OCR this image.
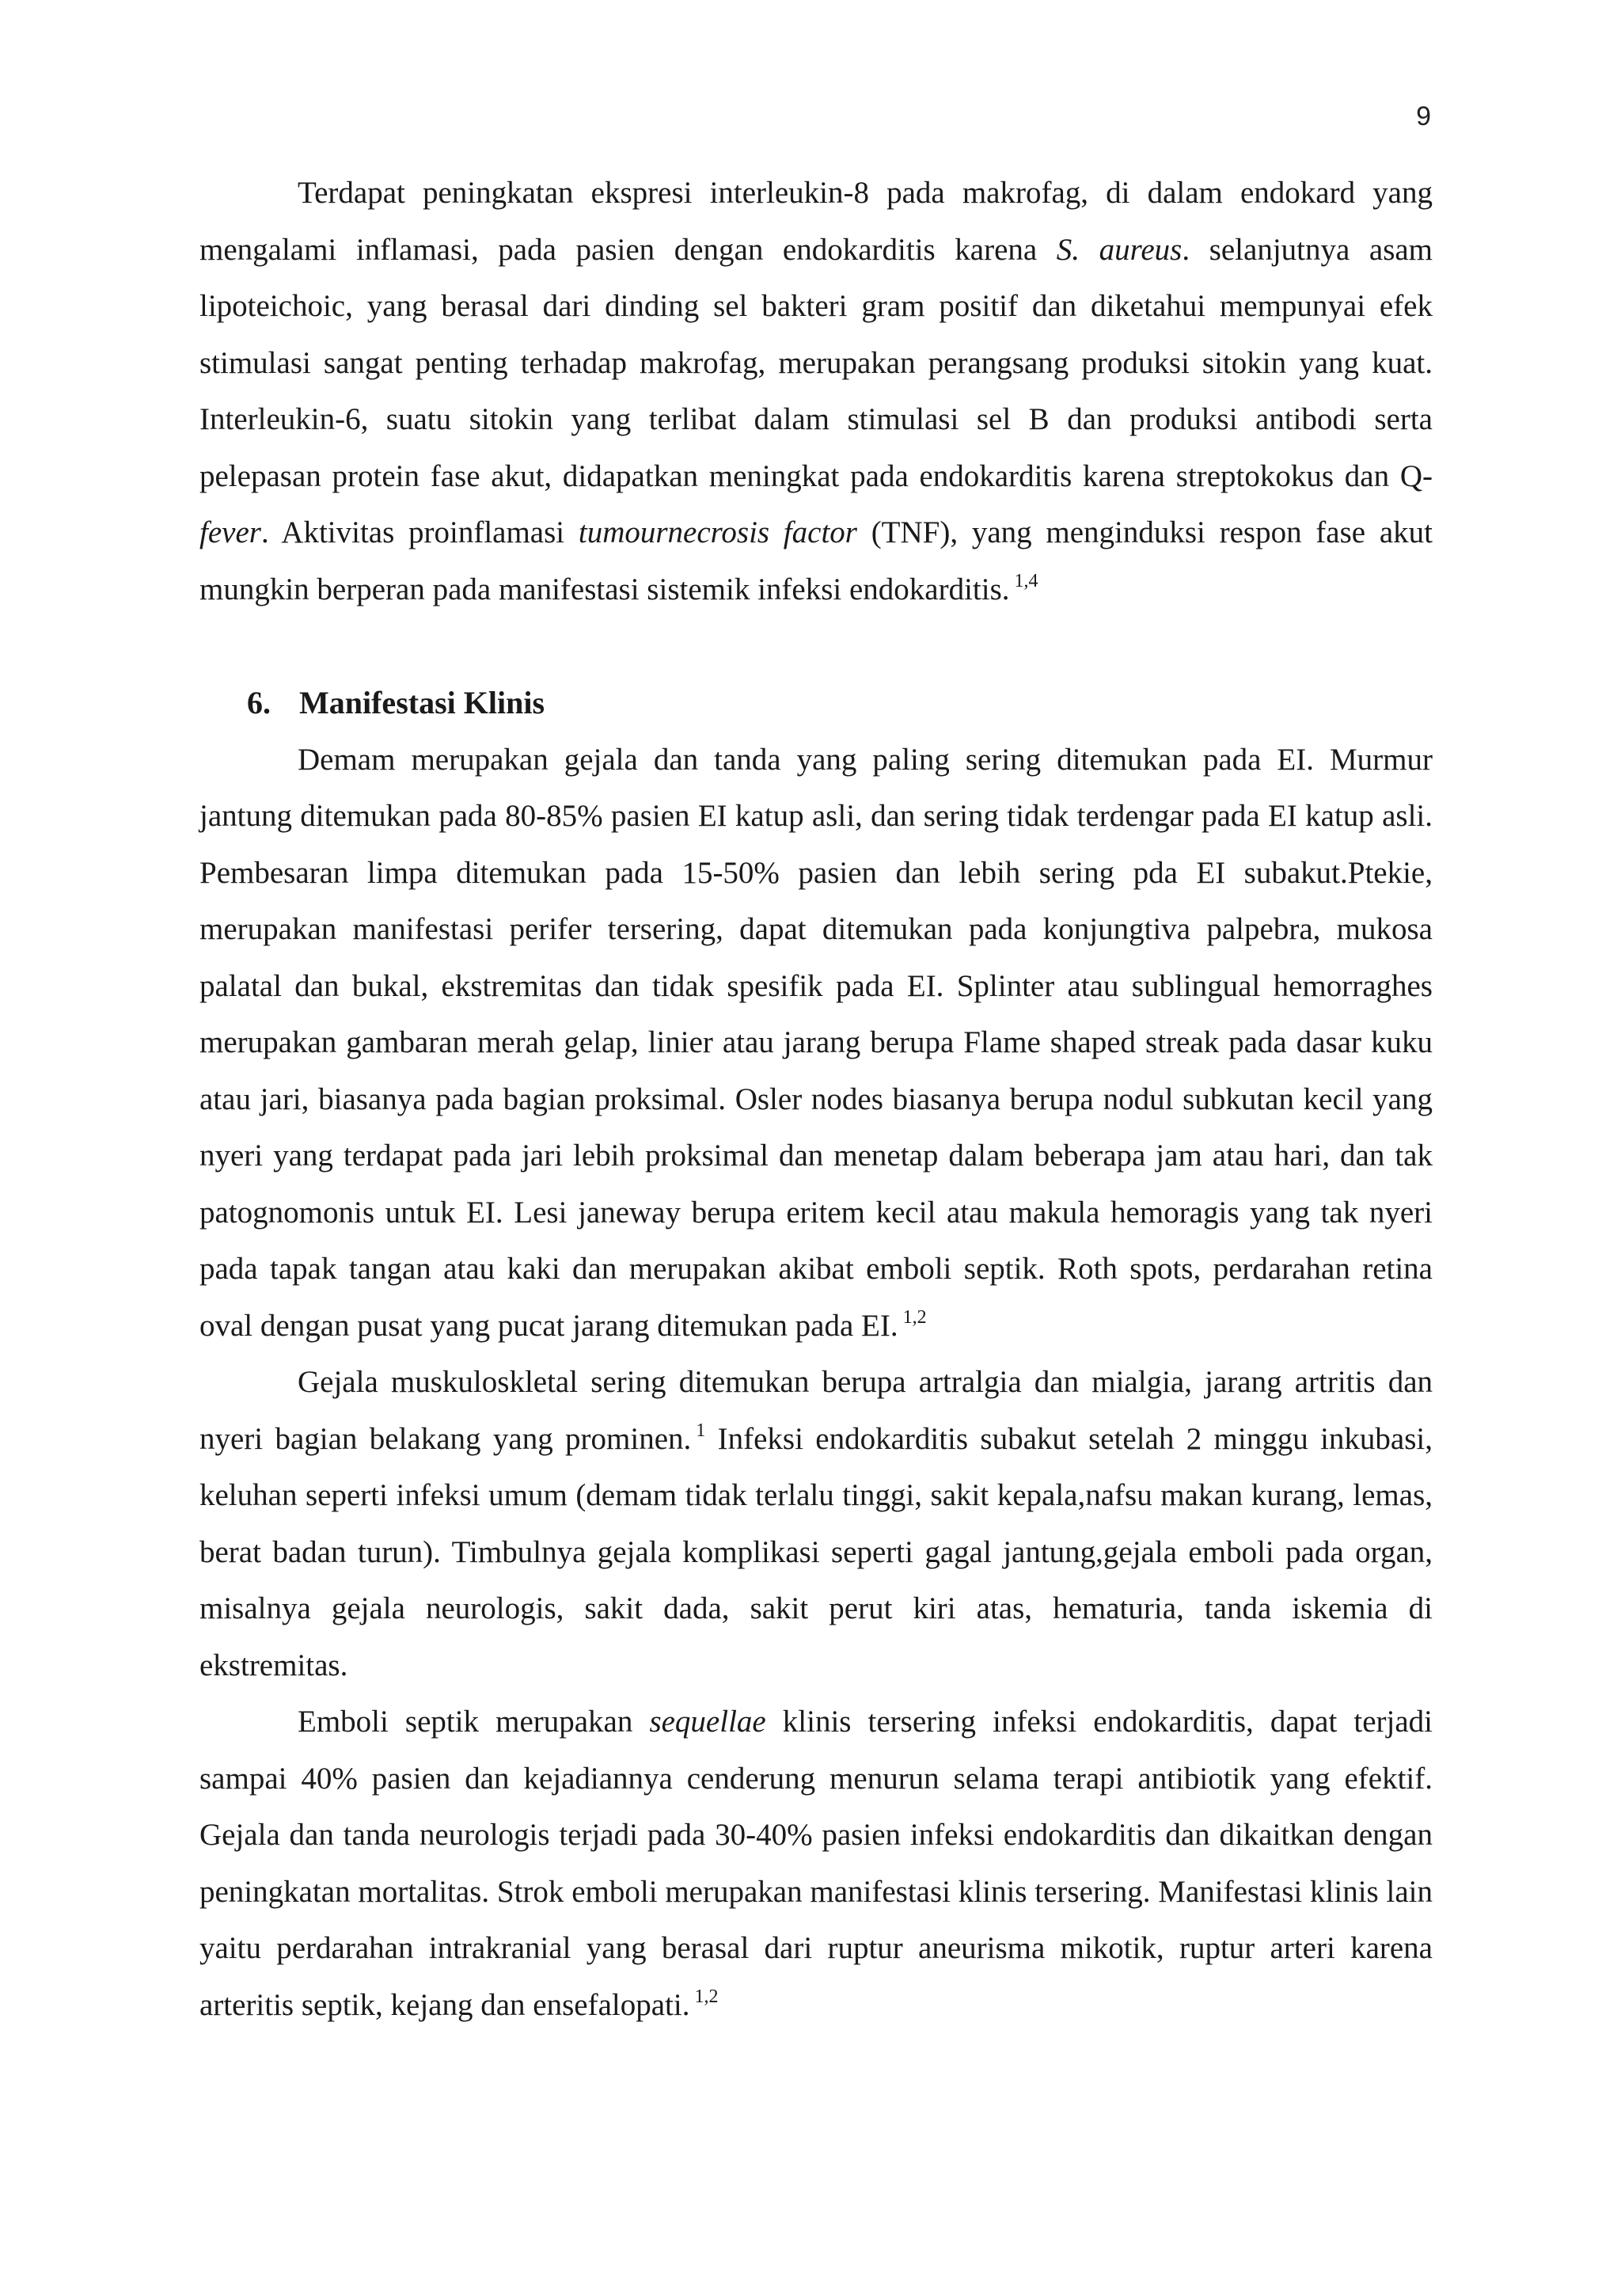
9

Terdapat peningkatan ekspresi interleukin-8 pada makrofag, di dalam endokard yang mengalami inflamasi, pada pasien dengan endokarditis karena S. aureus. selanjutnya asam lipoteichoic, yang berasal dari dinding sel bakteri gram positif dan diketahui mempunyai efek stimulasi sangat penting terhadap makrofag, merupakan perangsang produksi sitokin yang kuat. Interleukin-6, suatu sitokin yang terlibat dalam stimulasi sel B dan produksi antibodi serta pelepasan protein fase akut, didapatkan meningkat pada endokarditis karena streptokokus dan Q-fever. Aktivitas proinflamasi tumournecrosis factor (TNF), yang menginduksi respon fase akut mungkin berperan pada manifestasi sistemik infeksi endokarditis. $^{1,4}$

6. Manifestasi Klinis

Demam merupakan gejala dan tanda yang paling sering ditemukan pada EI. Murmur jantung ditemukan pada 80-85% pasien EI katup asli, dan sering tidak terdengar pada EI katup asli. Pembesaran limpa ditemukan pada 15-50% pasien dan lebih sering pda EI subakut.Ptekie, merupakan manifestasi perifer tersering, dapat ditemukan pada konjungtiva palpebra, mukosa palatal dan bukal, ekstremitas dan tidak spesifik pada EI. Splinter atau sublingual hemorraghes merupakan gambaran merah gelap, linier atau jarang berupa Flame shaped streak pada dasar kuku atau jari, biasanya pada bagian proksimal. Osler nodes biasanya berupa nodul subkutan kecil yang nyeri yang terdapat pada jari lebih proksimal dan menetap dalam beberapa jam atau hari, dan tak patognomonis untuk EI. Lesi janeway berupa eritem kecil atau makula hemoragis yang tak nyeri pada tapak tangan atau kaki dan merupakan akibat emboli septik. Roth spots, perdarahan retina oval dengan pusat yang pucat jarang ditemukan pada EI. $^{1,2}$

Gejala muskuloskletal sering ditemukan berupa artralgia dan mialgia, jarang artritis dan nyeri bagian belakang yang prominen. $^1$ Infeksi endokarditis subakut setelah 2 minggu inkubasi, keluhan seperti infeksi umum (demam tidak terlalu tinggi, sakit kepala,nafsu makan kurang, lemas, berat badan turun). Timbulnya gejala komplikasi seperti gagal jantung,gejala emboli pada organ, misalnya gejala neurologis, sakit dada, sakit perut kiri atas, hematuria, tanda iskemia di ekstremitas.

Emboli septik merupakan sequellae klinis tersering infeksi endokarditis, dapat terjadi sampai 40% pasien dan kejadiannya cenderung menurun selama terapi antibiotik yang efektif. Gejala dan tanda neurologis terjadi pada 30-40% pasien infeksi endokarditis dan dikaitkan dengan peningkatan mortalitas. Strok emboli merupakan manifestasi klinis tersering. Manifestasi klinis lain yaitu perdarahan intrakranial yang berasal dari ruptur aneurisma mikotik, ruptur arteri karena arteritis septik, kejang dan ensefalopati. $^{1,2}$
